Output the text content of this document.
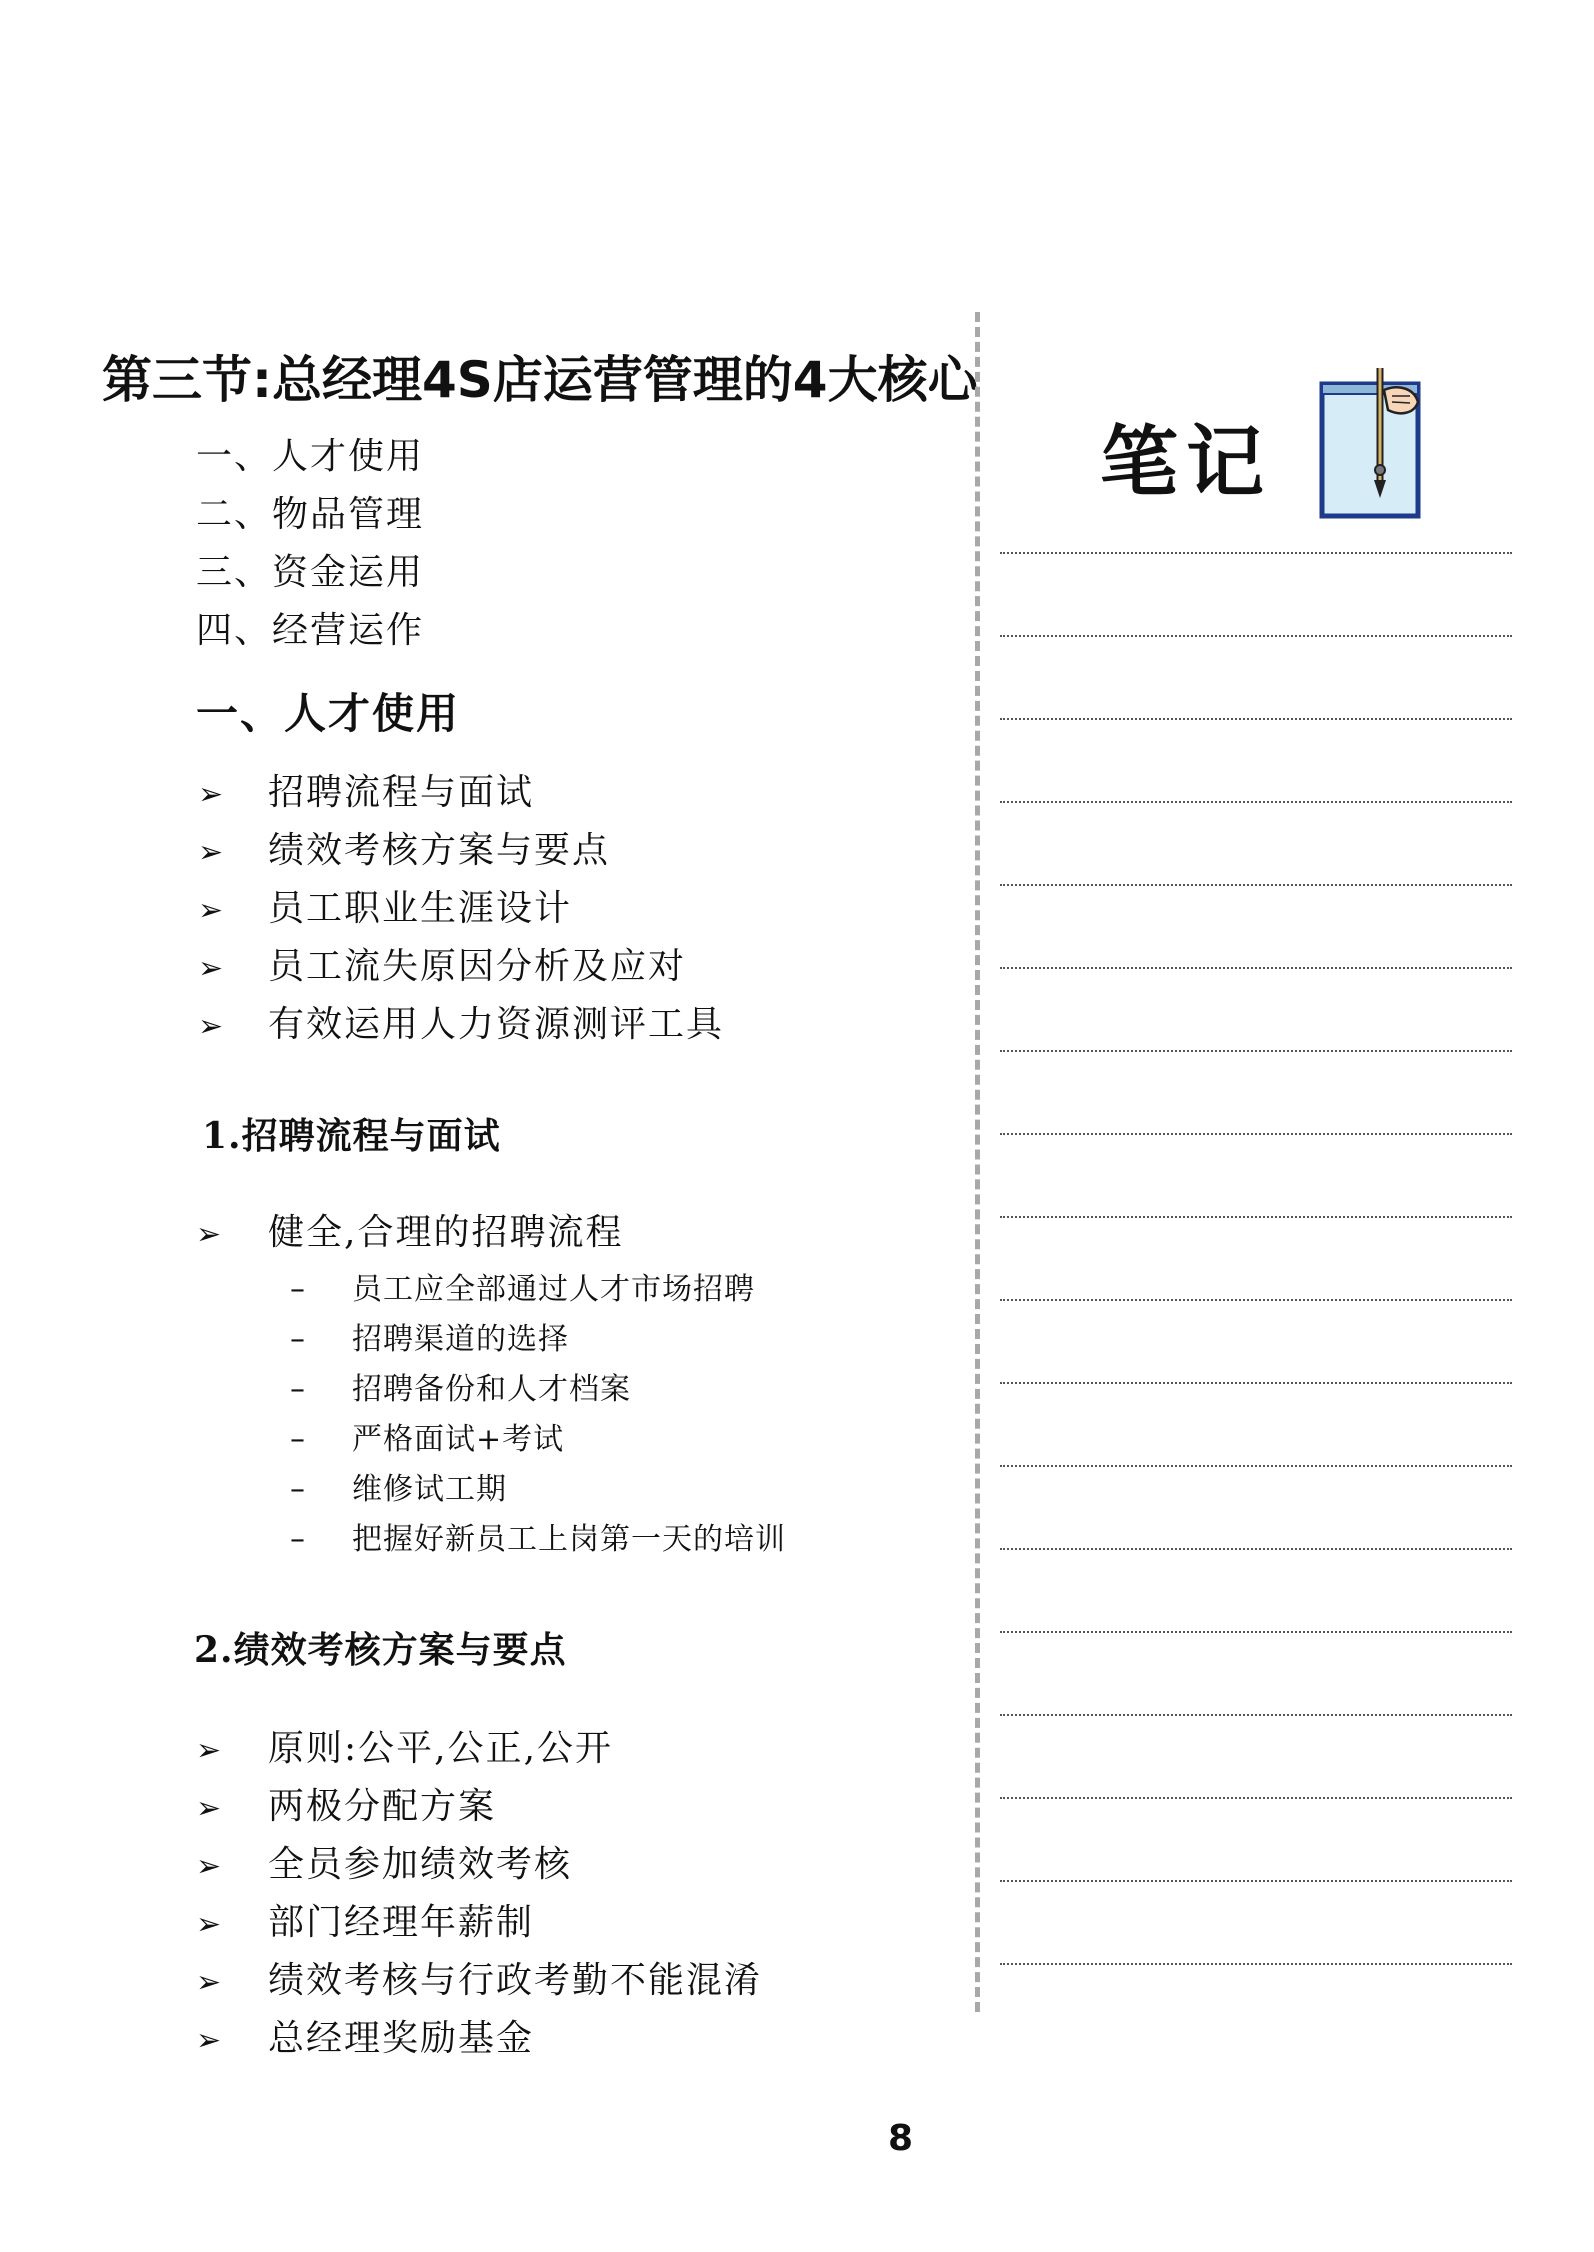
第三节:总经理4S店运营管理的4大核心
一、人才使用
二、物品管理
三、资金运用
四、经营运作
一、人才使用
➢ 招聘流程与面试
➢ 绩效考核方案与要点
➢ 员工职业生涯设计
➢ 员工流失原因分析及应对
➢ 有效运用人力资源测评工具
1.招聘流程与面试
➢ 健全,合理的招聘流程
– 员工应全部通过人才市场招聘
– 招聘渠道的选择
– 招聘备份和人才档案
– 严格面试+考试
– 维修试工期
– 把握好新员工上岗第一天的培训
2.绩效考核方案与要点
➢ 原则:公平,公正,公开
➢ 两极分配方案
➢ 全员参加绩效考核
➢ 部门经理年薪制
➢ 绩效考核与行政考勤不能混淆
➢ 总经理奖励基金
笔记
8
